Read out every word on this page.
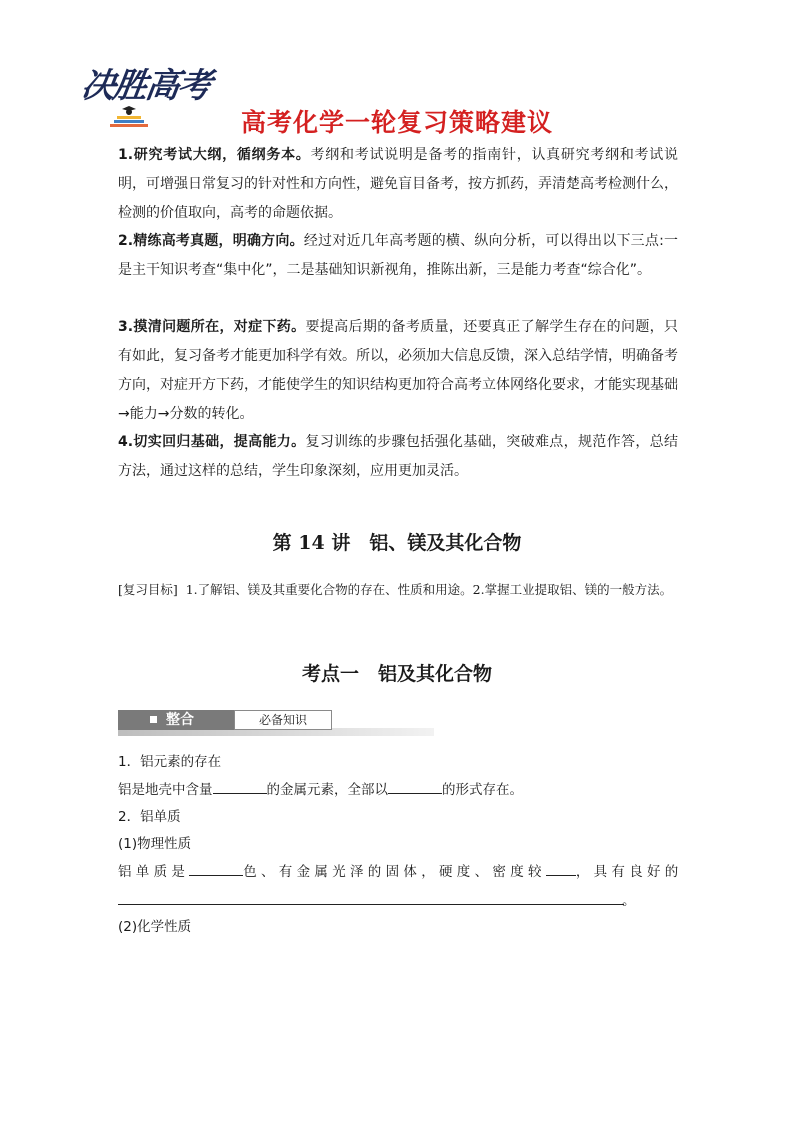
决胜高考
高考化学一轮复习策略建议

1.研究考试大纲，循纲务本。考纲和考试说明是备考的指南针，认真研究考纲和考试说明，可增强日常复习的针对性和方向性，避免盲目备考，按方抓药，弄清楚高考检测什么，检测的价值取向，高考的命题依据。

2.精练高考真题，明确方向。经过对近几年高考题的横、纵向分析，可以得出以下三点:一是主干知识考查“集中化”，二是基础知识新视角，推陈出新，三是能力考查“综合化”。

3.摸清问题所在，对症下药。要提高后期的备考质量，还要真正了解学生存在的问题，只有如此，复习备考才能更加科学有效。所以，必须加大信息反馈，深入总结学情，明确备考方向，对症开方下药，才能使学生的知识结构更加符合高考立体网络化要求，才能实现基础→能力→分数的转化。

4.切实回归基础，提高能力。复习训练的步骤包括强化基础，突破难点，规范作答，总结方法，通过这样的总结，学生印象深刻，应用更加灵活。

第 14 讲　铝、镁及其化合物
[复习目标] 1.了解铝、镁及其重要化合物的存在、性质和用途。2.掌握工业提取铝、镁的一般方法。
考点一　铝及其化合物
整合	必备知识
1．铝元素的存在
铝是地壳中含量	的金属元素，全部以	的形式存在。
2．铝单质
(1)物理性质
铝单质是	色、有金属光泽的固体，硬度、密度较 ，具有良好的
。
(2)化学性质
